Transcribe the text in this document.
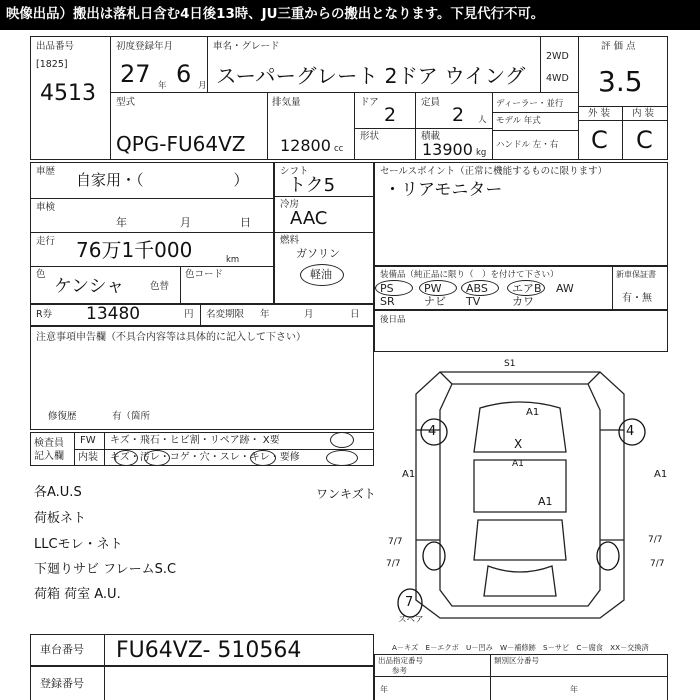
映像出品）搬出は落札日含む4日後13時、JU三重からの搬出となります。下見代行不可。
出品番号
[1825]
4513
初度登録年月
27 年 6 月
車名・グレード
スーパーグレート 2ドア ウイング
2WD
4WD
評 価 点
3.5
外 装 内 装
C C
型式
QPG-FU64VZ
排気量
12800 cc
ドア
2
定員
2 人
形状	積載
13900 kg
ディーラー・並行
モデル 年式
ハンドル 左・右
車歴 自家用・（　　　　　　）
車検
年	月	日
走行 76万1千000	km
色
ケンシャ	色替
色コード
シフト
トク5
冷房
AAC
燃料
ガソリン
軽油
セールスポイント（正常に機能するものに限ります）
・リアモニター
装備品（純正品に限り（　）を付けて下さい）	新車保証書
有・無
PS	PW ABS エアB AW
SR	ナビ TV	カワ
R券 13480	円 名変期限 年	月	日 後日品
注意事項申告欄（不具合内容等は具体的に記入して下さい）
修復歴	有（箇所
検査員 記入欄
FW キズ・飛石・ヒビ割・リペア跡・ X要
内装 キズ・汚レ・コゲ・穴・スレ・キレ・要修
各A.U.S
荷板ネト
LLCモレ・ネト
下廻りサビ フレームS.C
荷箱 荷室 A.U.
ワンキズト
S1
A1
A1
X
A1
A1
A1
4	4
7/7
7/7
7/7
7/7
7
スペア
A－キズ　E－エクボ　U－凹み　W－補修跡　S－サビ　C－腐食　XX－交換済
車台番号 FU64VZ- 510564
登録番号
出品指定番号	類別区分番号
参考
年	年
